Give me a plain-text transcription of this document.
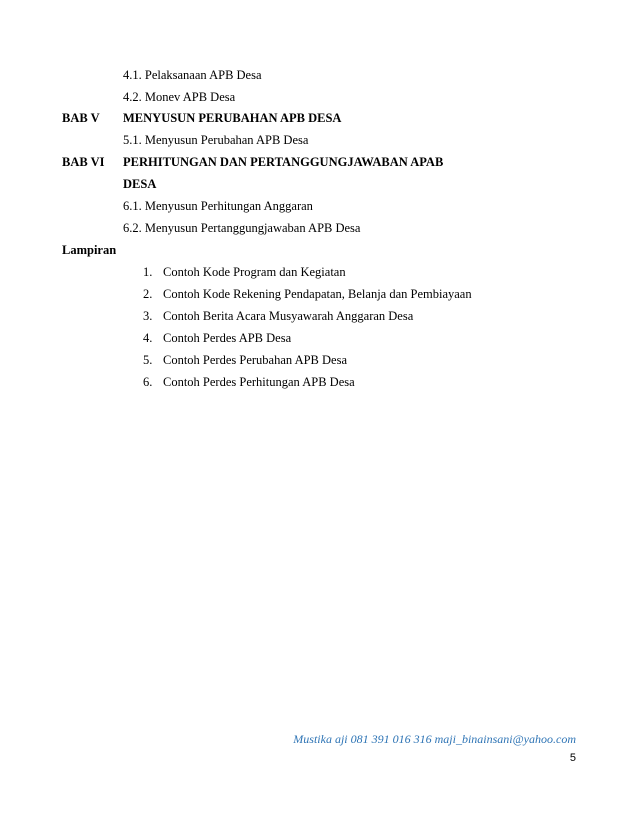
4.1. Pelaksanaan APB Desa
4.2. Monev APB Desa
BAB V MENYUSUN PERUBAHAN APB DESA
5.1. Menyusun Perubahan APB Desa
BAB VI PERHITUNGAN DAN PERTANGGUNGJAWABAN APAB
DESA
6.1. Menyusun Perhitungan Anggaran
6.2. Menyusun Pertanggungjawaban APB Desa
Lampiran
1. Contoh Kode Program dan Kegiatan
2. Contoh Kode Rekening Pendapatan, Belanja dan Pembiayaan
3. Contoh Berita Acara Musyawarah Anggaran Desa
4. Contoh Perdes APB Desa
5. Contoh Perdes Perubahan APB Desa
6. Contoh Perdes Perhitungan APB Desa
Mustika aji 081 391 016 316 maji_binainsani@yahoo.com
5
